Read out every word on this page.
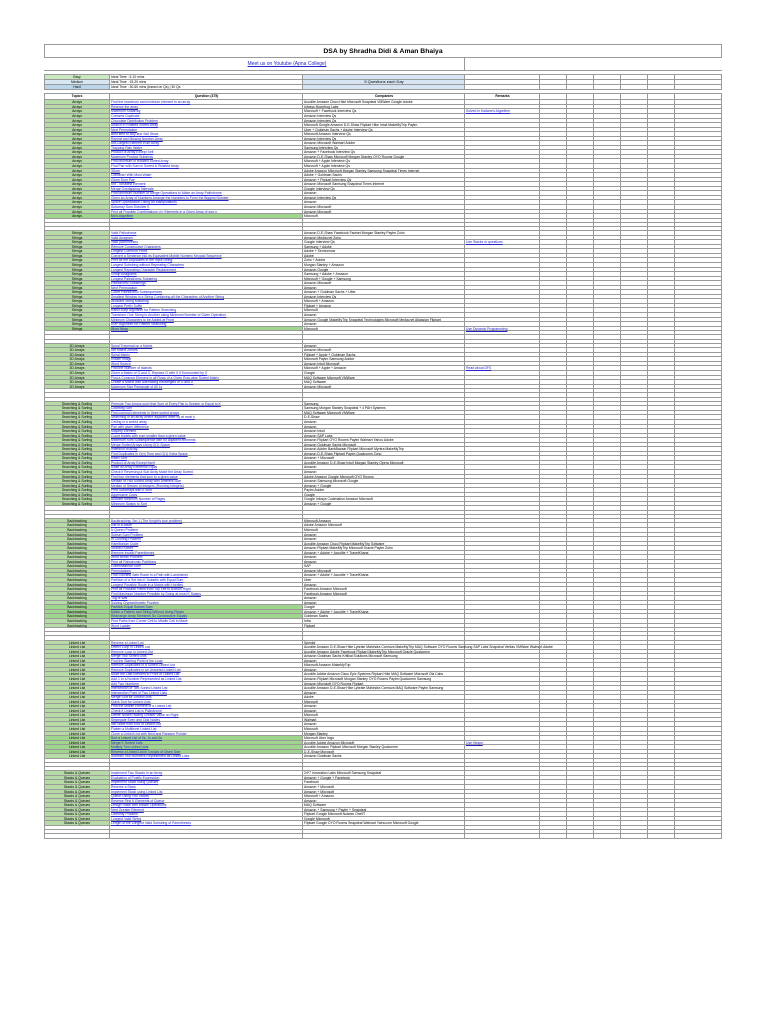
DSA by Shradha Didi & Aman Bhaiya
Meet us on Youtube (Apna College)
Easy	Ideal Time : 5-10 mins
Medium	Ideal Time : 15-20 mins	5 Questions each Day
Hard	Ideal Time : 30-60 mins (based on Qs) | 30 Qs
Topics	Question (375)	Companies	Remarks
Arrays	Find the maximum and minimum element in an array	Accolite Amazon Cisco Hike Microsoft Snapdeal VMWare Google Adobe
Arrays	Reverse the array	Infosys Moonfrog Labs
Arrays	Maximum Subarray	Microsoft + Facebook Interview Qs	Solved in Kadane's Algorithm
Arrays	Contains Duplicate	Amazon Interview Qs
Arrays	Chocolate Distribution Problem	Amazon Interview Qs
Arrays	Search in Rotated Sorted Array	Microsoft Google Amazon D-E-Shaw Flipkart Hike Intuit MakeMyTrip Paytm
Arrays	Next Permutation	Uber + Goldman Sachs + Adobe Interview Qs
Arrays	Best time to Buy and Sell Stock	Microsoft Amazon Interview Qs
Arrays	Repeat and Missing Number Array	Amazon Interview Qs
Arrays	Kth-Largest Element in an Array	Amazon Microsoft Walmart Adobe
Arrays	Trapping Rain Water	Samsung Interview Qs
Arrays	Product of Array Except Self	Amazon + Facebook Interview Qs
Arrays	Maximum Product Subarray	Amazon D-E-Shaw Microsoft Morgan Stanley OYO Rooms Google
Arrays	Find Minimum in Rotated Sorted Array	Microsoft + Apple Interview Qs
Arrays	Find Pair with Sum in Sorted & Rotated Array	Microsoft + Apple Interview Qs
Arrays	3Sum	Adobe Amazon Microsoft Morgan Stanley Samsung Snapdeal Times Internet
Arrays	Container With Most Water	Adobe + Goldman Sachs
Arrays	Given Sum Pair	Amazon + Flipkart Interview Qs
Arrays	Kth - Smallest Element	Amazon Microsoft Samsung Snapdeal Times Internet
Arrays	Merge Overlapping Intervals	Google Interview Qs
Arrays	Find Minimum Number of Merge Operations to Make an Array Palindrome	Amazon
Arrays	Given an Array of Numbers Arrange the Numbers to Form the Biggest Number	Amazon Interview Qs
Arrays	Space Optimization Using Bit Manipulations	Amazon
Arrays	Subarray Sum Divisible K	Amazon Microsoft
Arrays	Print all Possible Combinations of r Elements in a Given Array of size n	Amazon Microsoft
Arrays	Mo's Algorithm	Microsoft
Strings	Valid Palindrome	Amazon D-E-Shaw Facebook Factset Morgan Stanley Paytm Zoho
Strings	Valid Anagram	Amazon Media.net Zoho
Strings	Valid parentheses	Google Interview Qs	Use Stacks or questions
Strings	Remove Consecutive Characters	Samsung + Adobe
Strings	Longest Common Prefix	Adobe + Servicenow
Strings	Convert a Sentence into its Equivalent Mobile Numeric Keypad Sequence	Adobe
Strings	Print all the Duplicates in the Input String	Zoho + Adobe
Strings	Longest Substring without Repeating Characters	Morgan Stanley + Amazon
Strings	Longest Repeating Character Replacement	Amazon Google
Strings	Group Anagrams	Samsung + Adobe + Amazon
Strings	Longest Palindromic Substring	Microsoft + Google + Samsung
Strings	Palindromic Substrings	Amazon Microsoft
Strings	Next Permutation	Amazon
Strings	Count Palindromic Subsequences	Amazon + Goldman Sachs + Uber
Strings	Smallest Window in a String Containing all the Characters of Another String	Amazon Interview Qs
Strings	Wildcard String Matching	Microsoft + Amazon
Strings	Longest Prefix Suffix	Flipkart + Amazon
Strings	Rabin-Karp Algorithm for Pattern Searching	Microsoft
Strings	Transform One String to Another using Minimum Number of Given Operation	Amazon
Strings	Minimum Characters to be Added at Front	Amazon Google MakeMyTrip Snapdeal Technologies Microsoft Media.net Atlassian Flipkart
Strings	KMP Algorithm for Pattern Searching	Amazon
Strings	Word Wrap	Microsoft	Use Dynamic Programming
2D Arrays	Spiral Traversal on a Matrix	Amazon
2D Arrays	Set Matrix Zeroes	Amazon Microsoft
2D Arrays	Spiral Matrix	Flipkart + Apple + Goldman Sachs
2D Arrays	Rotate Image	Microsoft Paytm Samsung Adobe
2D Arrays	Word Search	Amazon Intuit Microsoft
2D Arrays	Find the Number of Islands	Microsoft + Apple + Amazon	Read about DFS
2D Arrays	Given a Matrix of O and X, Replace O with X if Surrounded by X	Google
2D Arrays	Find a Common Element in all Rows of a Given Row-wise Sorted Matrix	MAQ Software Microsoft VMWare
2D Arrays	Create a Matrix with Alternating Rectangles of O and X	MAQ Software
2D Arrays	Maximum Size Rectangle of All 1s	Amazon Microsoft
Searching & Sorting	Permute Two Arrays such that Sum of Every Pair is Greater or Equal to K	Samsung
Searching & Sorting	Counting Sort	Samsung Morgan Stanley Snapdeal + 4 PAH Systems
Searching & Sorting	Find common elements in three sorted arrays	MAQ Software Microsoft VMWare
Searching & Sorting	Searching in an array where adjacent differ by at most k	D-E-Shaw
Searching & Sorting	Ceiling in a sorted array	Amazon
Searching & Sorting	Pair with given difference	Amazon
Searching & Sorting	Majority Element	Amazon Intuit
Searching & Sorting	Count triplets with sum smaller than a given value	Amazon SAP Labs
Searching & Sorting	Maximum Sum Subsequence with no adjacent elements	Amazon Flipkart OYO Rooms Paytm Walmart Yahoo Adobe
Searching & Sorting	Merge Sorted Arrays Using O(1) Space	Amazon Goldman Sachs Microsoft
Searching & Sorting	Inversion of Array	Amazon Adobe BankBazaar Flipkart Microsoft Myntra MakeMyTrip
Searching & Sorting	Find Duplicates in O(n) Time and O(1) Extra Space	Amazon D-E-Shaw Flipkart Paytm Qualcomm Zoho
Searching & Sorting	Radix Sort	Amazon + Microsoft
Searching & Sorting	Product of Array Except Itself	Accolite Amazon D-E-Shaw Intuit Morgan Stanley Opera Microsoft
Searching & Sorting	Make all Array Elements Equal	Amazon
Searching & Sorting	Check if Reversing a Sub Array Make the Array Sorted	Amazon
Searching & Sorting	Find four elements that sum to a given value	Adobe Amazon Google Microsoft OYO Rooms
Searching & Sorting	Median of Two Sorted Array with Different Size	Amazon Samsung Microsoft Google
Searching & Sorting	Median of Stream of Integers (Running Integers)	Amazon + Google
Searching & Sorting	Print Subarrays with 0 Sum	Paytm Adobe
Searching & Sorting	Aggressive Cows	Google
Searching & Sorting	Allocate Minimum Number of Pages	Google Infosys Codenation Amazon Microsoft
Searching & Sorting	Minimum Swaps to Sort	Amazon + Google
Backtracking	Backtracking: Set 1 (The Knight's tour problem)	Microsoft Amazon
Backtracking	Rat in a Maze	Adobe Amazon Microsoft
Backtracking	N Queen Problem	Microsoft
Backtracking	Subset Sum Problem	Amazon
Backtracking	m Coloring Problem	Amazon
Backtracking	Hamiltonian Cycle	Accolite Amazon Cisco Flipkart MakeMyTrip Software
Backtracking	Sudoku Solver	Amazon Flipkart MakeMyTrip Microsoft Oracle Paytm Zoho
Backtracking	Remove Invalid Parentheses	Amazon + Adobe + Accolite + TravelKhana
Backtracking	Word Break Problem	Amazon
Backtracking	Print all Palindromic Partitions	Amazon
Backtracking	Combinational Sum	SAP
Backtracking	Permutations	Amazon Microsoft
Backtracking	Find Shortest Safe Route in a Path with Landmines	Amazon + Adobe + Accolite + TravelKhana
Backtracking	Partition of a Set into K Subsets with Equal Sum	Uber
Backtracking	Longest Possible Route in a Matrix with Hurdles	Amazon
Backtracking	Print all Possible Paths from Top Left to Bottom Right	Facebook Amazon Microsoft
Backtracking	Find Maximum Number Possible by Doing at-most K Swaps	Facebook Amazon Microsoft
Backtracking	Tug of War	Amazon
Backtracking	Solving Cryptarithmetic Puzzles	Amazon
Backtracking	Partition Equal Subset Sum	Google
Backtracking	Match a Pattern and String Without Using Regex	Amazon + Adobe + Accolite + TravelKhana
Backtracking	Rearrange Array Elements So Consecutive Equals	Goldman Sachs
Backtracking	Print Paths from Corner Cell to Middle Cell in Maze	Infra
Backtracking	Word Ladder	Flipkart
Linked List	Reverse a Linked List	Sprinklr
Linked List	Detect Loop in Linked List	Accolite Amazon D-E-Shaw Hike Lybrate Mahindra Comviva MakeMyTrip MAQ Software OYO Rooms Samsung SAP Labs Snapdeal Veritas VMWare Walmart Adobe
Linked List	Remove Loop in Linked List	Accolite Amazon Adobe Facebook Flipkart MakeMyTrip Microsoft Oracle Qualcomm
Linked List	Merge Two Sorted Lists	Amazon Goldman Sachs Kritikal Solutions Microsoft Samsung
Linked List	Find the Starting Point of the Loop	Amazon
Linked List	Remove Duplicates in a Sorted Linked List	Microsoft Amazon MakeMyTrip
Linked List	Remove Duplicates in an Unsorted Linked List	Amazon
Linked List	Move the Last Element to Front of Linked List	Accolite Adobe Amazon Cisco Epic Systems Flipkart Hike MAQ Software Microsoft Ola Cabs
Linked List	Add 1 to a Number Represented as Linked List	Amazon Flipkart Microsoft Morgan Stanley OYO Rooms Paytm Qualcomm Samsung
Linked List	Add Two Numbers	Amazon Microsoft OYO Rooms Flipkart
Linked List	Intersection of Two Sorted Linked List	Accolite Amazon D-E-Shaw Hike Lybrate Mahindra Comviva MAQ Software Paytm Samsung
Linked List	Intersection Point of Two Linked Lists	Amazon
Linked List	Merge Sort for Linked Lists	Adobe
Linked List	Quick Sort for Linked Lists	Microsoft
Linked List	Find the Middle Element of a Linked List	Amazon
Linked List	Check if Linked List is Palindrome	Amazon
Linked List	Delete Nodes Having Greater Value on Right	Microsoft
Linked List	Segregate Even and Odd Nodes	Walmart
Linked List	Nth Node from End of Linked List	Amazon
Linked List	Flatten a Multilevel Linked List	Microsoft
Linked List	Clone a Linked List with Next and Random Pointer	Morgan Stanley
Linked List	Sort a Linked List of 0s, 1s and 2s	Microsoft Uber Ixigo
Linked List	Merge K Sorted Lists	Accolite Adobe Amazon Microsoft	Use Heaps
Linked List	Multiply Two Linked Lists	Accolite Amazon Flipkart Microsoft Morgan Stanley Qualcomm
Linked List	Reverse a Linked List in Groups of Given Size	D-E-Shaw Microsoft
Linked List	Subtract Two Numbers Represented as Linked Lists	Amazon Goldman Sachs
Stacks & Queues	Implement Two Stacks in an Array	24*7 Innovation Labs Microsoft Samsung Snapdeal
Stacks & Queues	Evaluation of Postfix Expression	Amazon + Google + Facebook
Stacks & Queues	Implement Stack using Queues	Facebook
Stacks & Queues	Reverse a Stack	Amazon + Microsoft
Stacks & Queues	Implement Stack using Linked List	Amazon + Microsoft
Stacks & Queues	Queue Using Two Stacks	Microsoft + Amazon
Stacks & Queues	Reverse First K Elements of Queue	Amazon
Stacks & Queues	Design Stack with Middle Operations	MAQ Software
Stacks & Queues	Next Greater Element	Amazon + Samsung + Paytm + Snapdeal
Stacks & Queues	Celebrity Problem	Flipkart Google Microsoft Nutanix One97
Stacks & Queues	Longest Valid String	Google Microsoft
Stacks & Queues	Length of the Longest Valid Substring of Parentheses	Flipkart Google OYO Rooms Snapdeal Walmart Yatra.com Microsoft Google
